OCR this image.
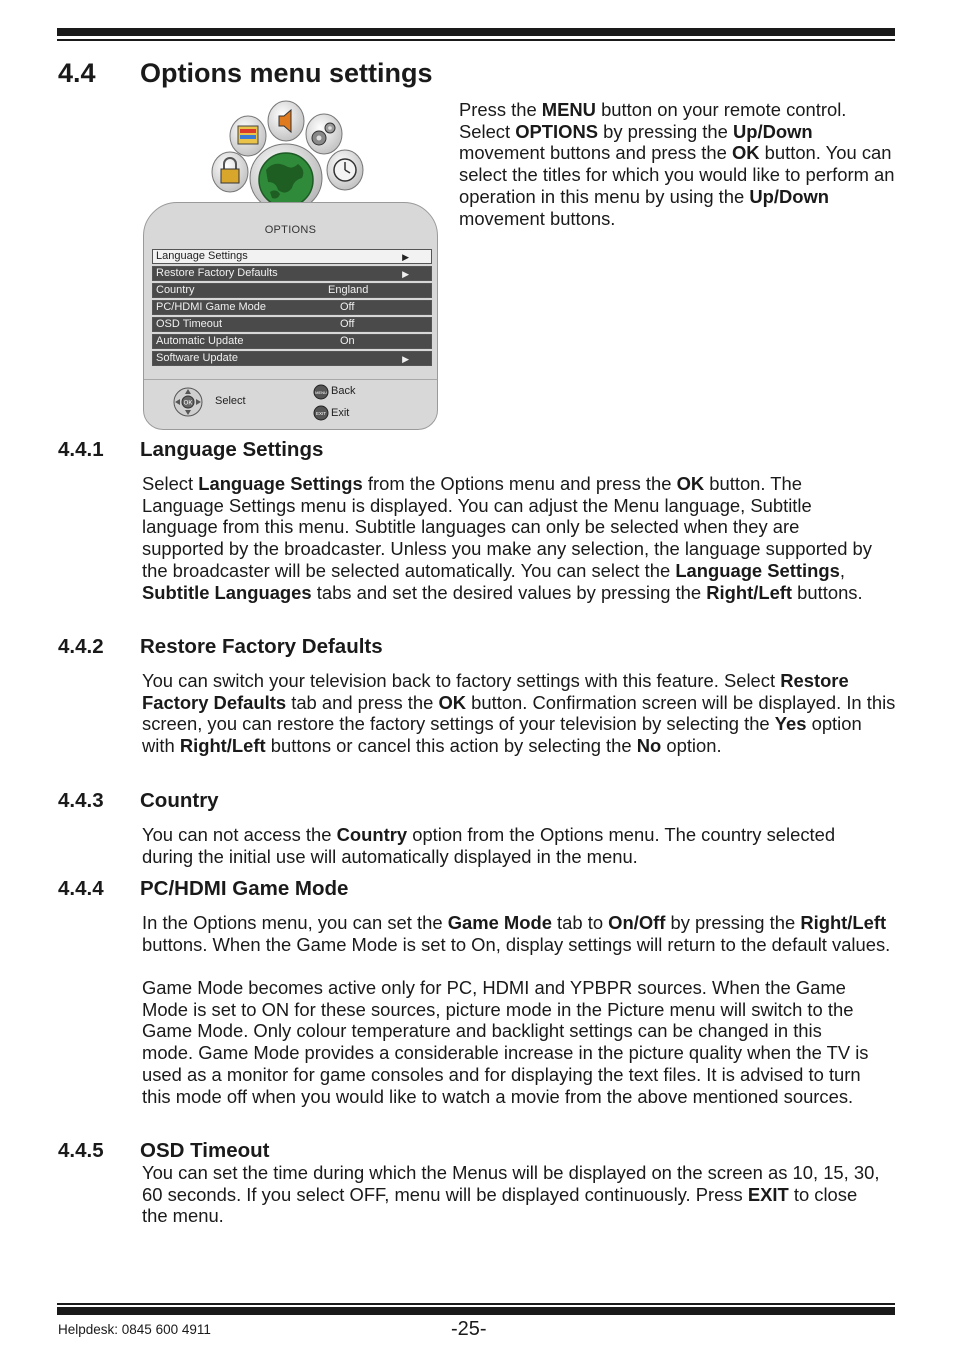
4.4 Options menu settings
OPTIONS
Language Settings	▶
Restore Factory Defaults	▶
Country	England
PC/HDMI Game Mode	Off
OSD Timeout	Off
Automatic Update	On
Software Update	▶
OK Select
MENU Back
EXIT Exit
Press the MENU button on your remote control. Select OPTIONS by pressing the Up/Down movement buttons and press the OK button. You can select the titles for which you would like to perform an operation in this menu by using the Up/Down movement buttons.
4.4.1 Language Settings
Select Language Settings from the Options menu and press the OK button. The Language Settings menu is displayed. You can adjust the Menu language, Subtitle language from this menu. Subtitle languages can only be selected when they are supported by the broadcaster. Unless you make any selection, the language supported by the broadcaster will be selected automatically. You can select the Language Settings, Subtitle Languages tabs and set the desired values by pressing the Right/Left buttons.
4.4.2 Restore Factory Defaults
You can switch your television back to factory settings with this feature. Select Restore Factory Defaults tab and press the OK button. Confirmation screen will be displayed. In this screen, you can restore the factory settings of your television by selecting the Yes option with Right/Left buttons or cancel this action by selecting the No option.
4.4.3 Country
You can not access the Country option from the Options menu. The country selected during the initial use will automatically displayed in the menu.
4.4.4 PC/HDMI Game Mode
In the Options menu, you can set the Game Mode tab to On/Off by pressing the Right/Left buttons. When the Game Mode is set to On, display settings will return to the default values.
Game Mode becomes active only for PC, HDMI and YPBPR sources. When the Game Mode is set to ON for these sources, picture mode in the Picture menu will switch to the Game Mode. Only colour temperature and backlight settings can be changed in this mode. Game Mode provides a considerable increase in the picture quality when the TV is used as a monitor for game consoles and for displaying the text files. It is advised to turn this mode off when you would like to watch a movie from the above mentioned sources.
4.4.5 OSD Timeout
You can set the time during which the Menus will be displayed on the screen as 10, 15, 30, 60 seconds. If you select OFF, menu will be displayed continuously. Press EXIT to close the menu.
Helpdesk: 0845 600 4911	-25-
